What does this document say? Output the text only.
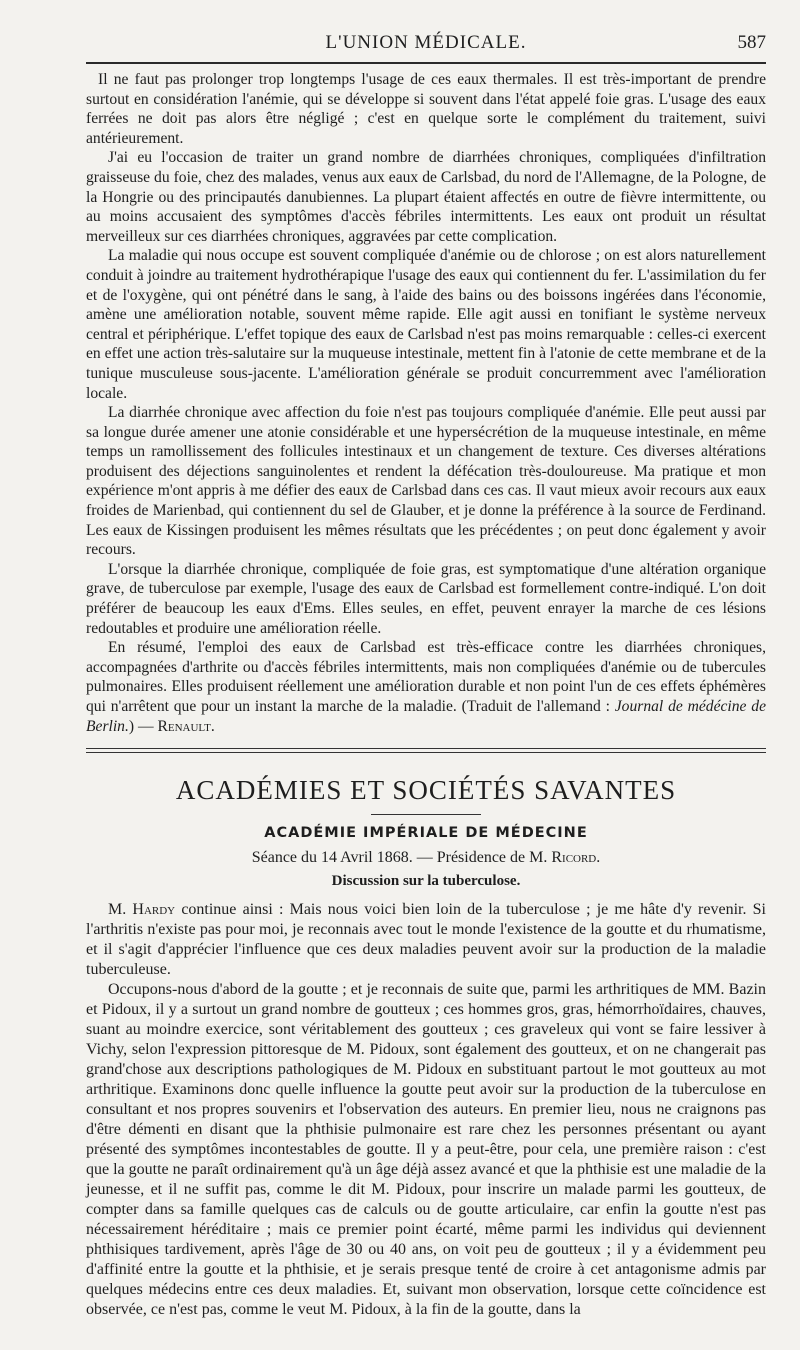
L'UNION MÉDICALE.	587

Il ne faut pas prolonger trop longtemps l'usage de ces eaux thermales. Il est très-important de prendre surtout en considération l'anémie, qui se développe si souvent dans l'état appelé foie gras. L'usage des eaux ferrées ne doit pas alors être négligé ; c'est en quelque sorte le complément du traitement, suivi antérieurement.

J'ai eu l'occasion de traiter un grand nombre de diarrhées chroniques, compliquées d'infiltration graisseuse du foie, chez des malades, venus aux eaux de Carlsbad, du nord de l'Allemagne, de la Pologne, de la Hongrie ou des principautés danubiennes. La plupart étaient affectés en outre de fièvre intermittente, ou au moins accusaient des symptômes d'accès fébriles intermittents. Les eaux ont produit un résultat merveilleux sur ces diarrhées chroniques, aggravées par cette complication.

La maladie qui nous occupe est souvent compliquée d'anémie ou de chlorose ; on est alors naturellement conduit à joindre au traitement hydrothérapique l'usage des eaux qui contiennent du fer. L'assimilation du fer et de l'oxygène, qui ont pénétré dans le sang, à l'aide des bains ou des boissons ingérées dans l'économie, amène une amélioration notable, souvent même rapide. Elle agit aussi en tonifiant le système nerveux central et périphérique. L'effet topique des eaux de Carlsbad n'est pas moins remarquable : celles-ci exercent en effet une action très-salutaire sur la muqueuse intestinale, mettent fin à l'atonie de cette membrane et de la tunique musculeuse sous-jacente. L'amélioration générale se produit concurremment avec l'amélioration locale.

La diarrhée chronique avec affection du foie n'est pas toujours compliquée d'anémie. Elle peut aussi par sa longue durée amener une atonie considérable et une hypersécrétion de la muqueuse intestinale, en même temps un ramollissement des follicules intestinaux et un changement de texture. Ces diverses altérations produisent des déjections sanguinolentes et rendent la défécation très-douloureuse. Ma pratique et mon expérience m'ont appris à me défier des eaux de Carlsbad dans ces cas. Il vaut mieux avoir recours aux eaux froides de Marienbad, qui contiennent du sel de Glauber, et je donne la préférence à la source de Ferdinand. Les eaux de Kissingen produisent les mêmes résultats que les précédentes ; on peut donc également y avoir recours.

L'orsque la diarrhée chronique, compliquée de foie gras, est symptomatique d'une altération organique grave, de tuberculose par exemple, l'usage des eaux de Carlsbad est formellement contre-indiqué. L'on doit préférer de beaucoup les eaux d'Ems. Elles seules, en effet, peuvent enrayer la marche de ces lésions redoutables et produire une amélioration réelle.

En résumé, l'emploi des eaux de Carlsbad est très-efficace contre les diarrhées chroniques, accompagnées d'arthrite ou d'accès fébriles intermittents, mais non compliquées d'anémie ou de tubercules pulmonaires. Elles produisent réellement une amélioration durable et non point l'un de ces effets éphémères qui n'arrêtent que pour un instant la marche de la maladie. (Traduit de l'allemand : Journal de médécine de Berlin.) — Renault.

ACADÉMIES ET SOCIÉTÉS SAVANTES
ACADÉMIE IMPÉRIALE DE MÉDECINE
Séance du 14 Avril 1868. — Présidence de M. Ricord.
Discussion sur la tuberculose.

M. Hardy continue ainsi : Mais nous voici bien loin de la tuberculose ; je me hâte d'y revenir. Si l'arthritis n'existe pas pour moi, je reconnais avec tout le monde l'existence de la goutte et du rhumatisme, et il s'agit d'apprécier l'influence que ces deux maladies peuvent avoir sur la production de la maladie tuberculeuse.

Occupons-nous d'abord de la goutte ; et je reconnais de suite que, parmi les arthritiques de MM. Bazin et Pidoux, il y a surtout un grand nombre de goutteux ; ces hommes gros, gras, hémorrhoïdaires, chauves, suant au moindre exercice, sont véritablement des goutteux ; ces graveleux qui vont se faire lessiver à Vichy, selon l'expression pittoresque de M. Pidoux, sont également des goutteux, et on ne changerait pas grand'chose aux descriptions pathologiques de M. Pidoux en substituant partout le mot goutteux au mot arthritique. Examinons donc quelle influence la goutte peut avoir sur la production de la tuberculose en consultant et nos propres souvenirs et l'observation des auteurs. En premier lieu, nous ne craignons pas d'être démenti en disant que la phthisie pulmonaire est rare chez les personnes présentant ou ayant présenté des symptômes incontestables de goutte. Il y a peut-être, pour cela, une première raison : c'est que la goutte ne paraît ordinairement qu'à un âge déjà assez avancé et que la phthisie est une maladie de la jeunesse, et il ne suffit pas, comme le dit M. Pidoux, pour inscrire un malade parmi les goutteux, de compter dans sa famille quelques cas de calculs ou de goutte articulaire, car enfin la goutte n'est pas nécessairement héréditaire ; mais ce premier point écarté, même parmi les individus qui deviennent phthisiques tardivement, après l'âge de 30 ou 40 ans, on voit peu de goutteux ; il y a évidemment peu d'affinité entre la goutte et la phthisie, et je serais presque tenté de croire à cet antagonisme admis par quelques médecins entre ces deux maladies. Et, suivant mon observation, lorsque cette coïncidence est observée, ce n'est pas, comme le veut M. Pidoux, à la fin de la goutte, dans la
